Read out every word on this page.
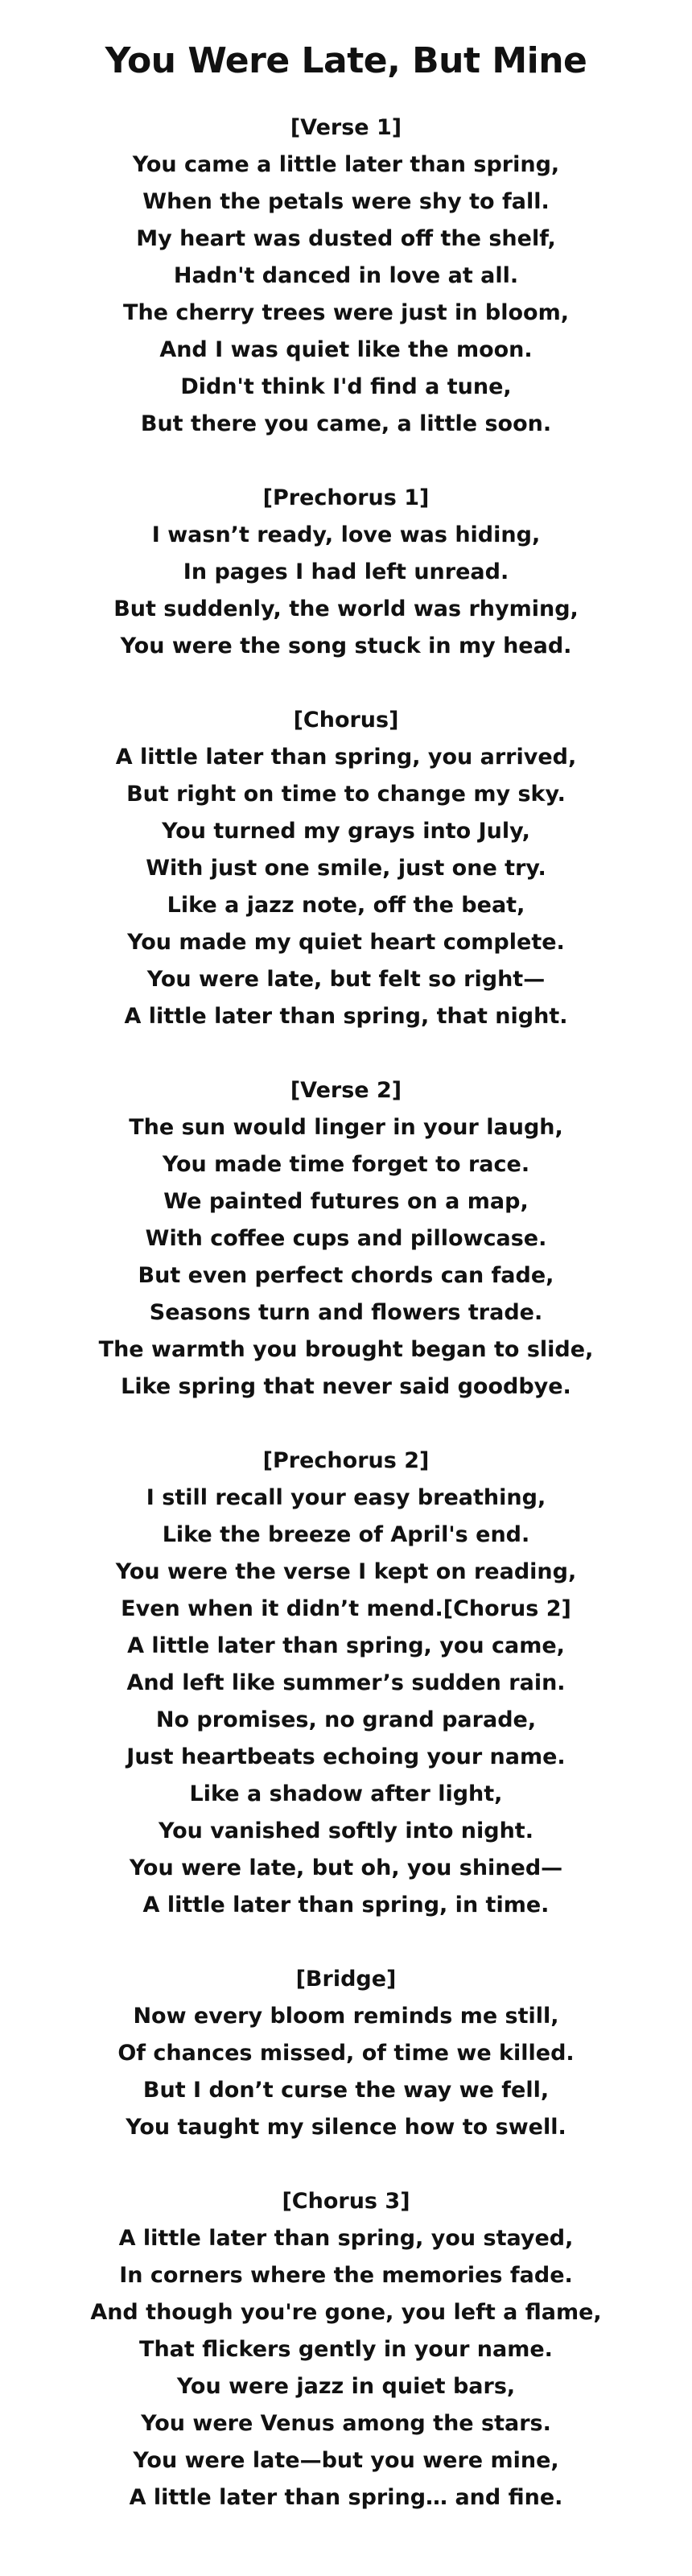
You Were Late, But Mine
[Verse 1]
You came a little later than spring,
When the petals were shy to fall.
My heart was dusted off the shelf,
Hadn't danced in love at all.
The cherry trees were just in bloom,
And I was quiet like the moon.
Didn't think I'd find a tune,
But there you came, a little soon.
[Prechorus 1]
I wasn’t ready, love was hiding,
In pages I had left unread.
But suddenly, the world was rhyming,
You were the song stuck in my head.
[Chorus]
A little later than spring, you arrived,
But right on time to change my sky.
You turned my grays into July,
With just one smile, just one try.
Like a jazz note, off the beat,
You made my quiet heart complete.
You were late, but felt so right—
A little later than spring, that night.
[Verse 2]
The sun would linger in your laugh,
You made time forget to race.
We painted futures on a map,
With coffee cups and pillowcase.
But even perfect chords can fade,
Seasons turn and flowers trade.
The warmth you brought began to slide,
Like spring that never said goodbye.
[Prechorus 2]
I still recall your easy breathing,
Like the breeze of April's end.
You were the verse I kept on reading,
Even when it didn’t mend.[Chorus 2]
A little later than spring, you came,
And left like summer’s sudden rain.
No promises, no grand parade,
Just heartbeats echoing your name.
Like a shadow after light,
You vanished softly into night.
You were late, but oh, you shined—
A little later than spring, in time.
[Bridge]
Now every bloom reminds me still,
Of chances missed, of time we killed.
But I don’t curse the way we fell,
You taught my silence how to swell.
[Chorus 3]
A little later than spring, you stayed,
In corners where the memories fade.
And though you're gone, you left a flame,
That flickers gently in your name.
You were jazz in quiet bars,
You were Venus among the stars.
You were late—but you were mine,
A little later than spring… and fine.
